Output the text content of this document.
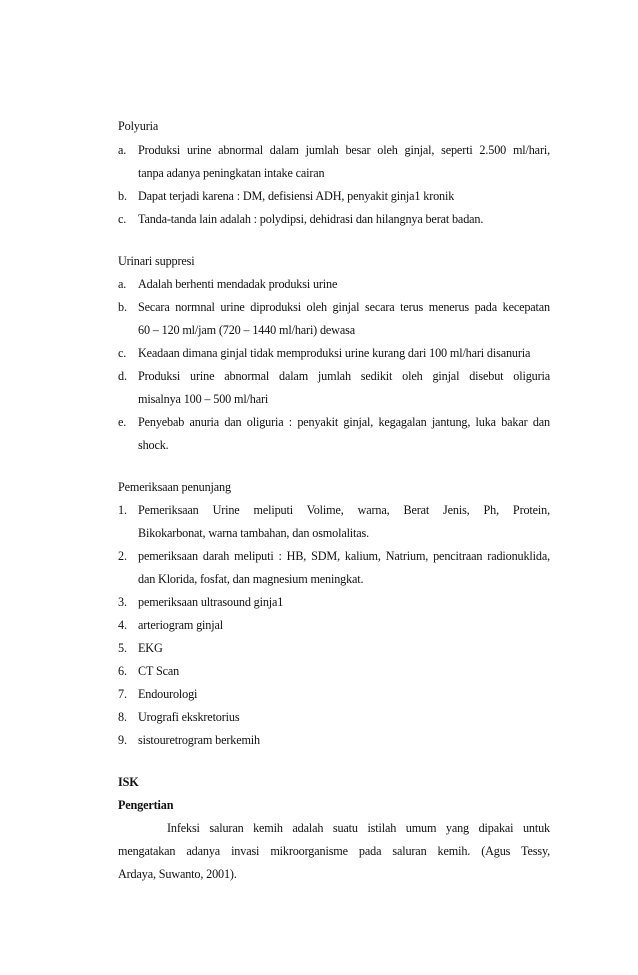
Polyuria
a. Produksi urine abnormal dalam jumlah besar oleh ginjal, seperti 2.500 ml/hari,
tanpa adanya peningkatan intake cairan
b. Dapat terjadi karena : DM, defisiensi ADH, penyakit ginja1 kronik
c. Tanda-tanda lain adalah : polydipsi, dehidrasi dan hilangnya berat badan.
Urinari suppresi
a. Adalah berhenti mendadak produksi urine
b. Secara normnal urine diproduksi oleh ginjal secara terus menerus pada kecepatan
60 – 120 ml/jam (720 – 1440 ml/hari) dewasa
c. Keadaan dimana ginjal tidak memproduksi urine kurang dari 100 ml/hari disanuria
d. Produksi urine abnormal dalam jumlah sedikit oleh ginjal disebut oliguria
misalnya 100 – 500 ml/hari
e. Penyebab anuria dan oliguria : penyakit ginjal, kegagalan jantung, luka bakar dan
shock.
Pemeriksaan penunjang
1. Pemeriksaan Urine meliputi Volime, warna, Berat Jenis, Ph, Protein,
Bikokarbonat, warna tambahan, dan osmolalitas.
2. pemeriksaan darah meliputi : HB, SDM, kalium, Natrium, pencitraan radionuklida,
dan Klorida, fosfat, dan magnesium meningkat.
3. pemeriksaan ultrasound ginja1
4. arteriogram ginjal
5. EKG
6. CT Scan
7. Endourologi
8. Urografi ekskretorius
9. sistouretrogram berkemih
ISK
Pengertian
Infeksi saluran kemih adalah suatu istilah umum yang dipakai untuk
mengatakan adanya invasi mikroorganisme pada saluran kemih. (Agus Tessy,
Ardaya, Suwanto, 2001).
